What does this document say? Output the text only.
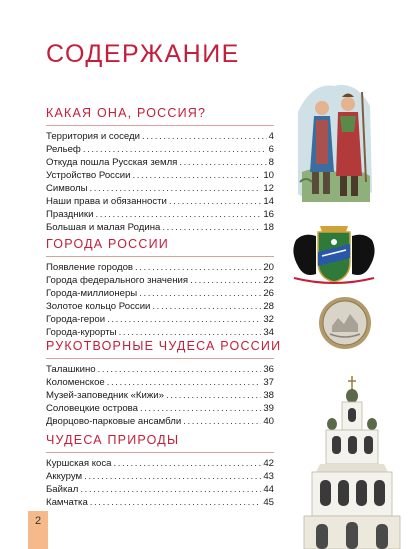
СОДЕРЖАНИЕ
КАКАЯ ОНА, РОССИЯ?
Территория и соседи .....	4
Рельеф .....	6
Откуда пошла Русская земля .....	8
Устройство России .....	10
Символы .....	12
Наши права и обязанности .....	14
Праздники .....	16
Большая и малая Родина .....	18
ГОРОДА РОССИИ
Появление городов .....	20
Города федерального значения .....	22
Города-миллионеры .....	26
Золотое кольцо России .....	28
Города-герои .....	32
Города-курорты .....	34
РУКОТВОРНЫЕ ЧУДЕСА РОССИИ
Талашкино .....	36
Коломенское .....	37
Музей-заповедник «Кижи» .....	38
Соловецкие острова .....	39
Дворцово-парковые ансамбли .....	40
ЧУДЕСА ПРИРОДЫ
Куршская коса .....	42
Аккурум .....	43
Байкал .....	44
Камчатка .....	45
2
